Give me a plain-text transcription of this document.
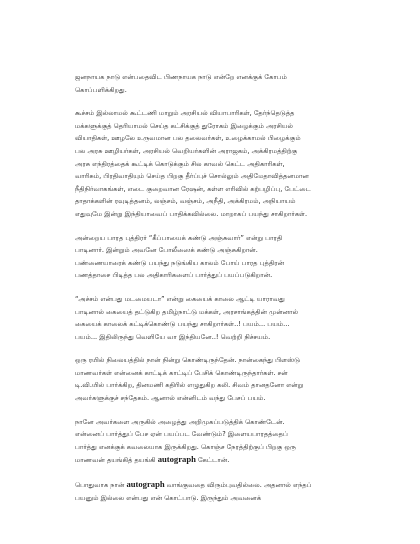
ஜனநாயக நாடு என்பதைவிட பிணநாயக நாடு என்றே எனக்குக் கோபம்
கொப்பளிக்கிறது.
கூச்சம் இல்லாமல் கூட்டணி மாறும் அரசியல் வியாபாரிகள், தேர்ந்தெடுத்த
மக்களுக்குத் தெரியாமல் செய்த கட்சிக்குத் துரோகம் இழைக்கும் அரசியல்
வியாதிகள், ஊழலே உருவமான பல தலைவர்கள், உழைக்காமல் பிழைக்கும்
பல அரசு ஊழியர்கள், அரசியல் வெறியர்களின் அராஜகம், அக்கிரமத்திற்கு
அரசு எந்திரத்தைக் கூட்டிக் கொடுக்கும் சில காவல் கெட்ட அதிகாரிகள்,
வாரிசும், பிரதிவாதியும் செய்த பிறகு தீர்ப்புச் சொல்லும் அதிமேதாவித்தனமான
நீதிநிர்வாகங்கள், எடை குறைவான ரேஷன், கள்ள எரிவில் கற்பழிப்பு, பேட்டை
தாதாக்களின் ரவுடித்தனம், லஞ்சம், வஞ்சம், அநீதி, அக்கிரமம், அநியாயம்
எதுவுமே இன்று இந்தியாவைப் பாதிக்கவில்லை. மாறாகப் பயந்து சாகிறார்கள்.
அன்றைய பாரத புத்திரர் “கீப்பாயைக் கண்டு அஞ்சுவார்” என்று பாரதி
பாடினார். இன்றும் அவனே போலீஸைக் கண்டு அஞ்சுகிறான்.
பண்ணையாரைக் கண்டு பயந்து நடுங்கிய காலம் போய் பாரத புத்திரன்
பணத்தாசை பிடித்த பல அதிகாரிகளைப் பார்த்துப் பயப்படுகிறான்.
“அச்சம் என்பது மடமையடா” என்று கையைக் காலை ஆட்டி யாராவது
பாடினால் கையைத் தட்டுகிற தமிழ்நாட்டு மக்கள், அரசாங்கத்தின் முன்னால்
கையைக் காலைக் கட்டிக்கொண்டு பயந்து சாகிறார்கள்..! பயம்... பயம்...
பயம்... இதிலிருந்து வெளியே வா இந்தியனே..! வெற்றி நிச்சயம்.
ஒரு ரயில் நிலையத்தில் நான் நின்று கொண்டிருந்தேன். நான்கைந்து பிளஸ்டு
மாணவர்கள் என்னைக் காட்டிக் காட்டிப் பேசிக் கொண்டிருந்தார்கள். சன்
டி.வி.யில் பார்க்கிற, தினமணி கதிரில் எழுதுகிற கலி. சிவம் தானதனோ என்று
அவர்களுக்குச் சந்தேகம். ஆனால் என்னிடம் வந்து பேசப் பயம்.
நானே அவர்களை அருகில் அழைத்து அறிமுகப்படுத்திக் கொண்டேன்.
என்னைப் பார்த்துப் பேச ஏன் பயப்பட வேண்டும்? இளையபாரதத்தைப்
பார்த்து எனக்குக் கவலையாக இருக்கிறது. கொஞ்ச நேரத்திற்குப் பிறகு ஒரு
மாணவன் தயங்கித் தயங்கி autograph கேட்டான்.
பொதுவாக நான் autograph வாங்குவதை விரும்புவதில்லை. அதனால் எந்தப்
பயனும் இல்லை என்பது என் கொட்பாடு. இருந்தும் அவனைக்
